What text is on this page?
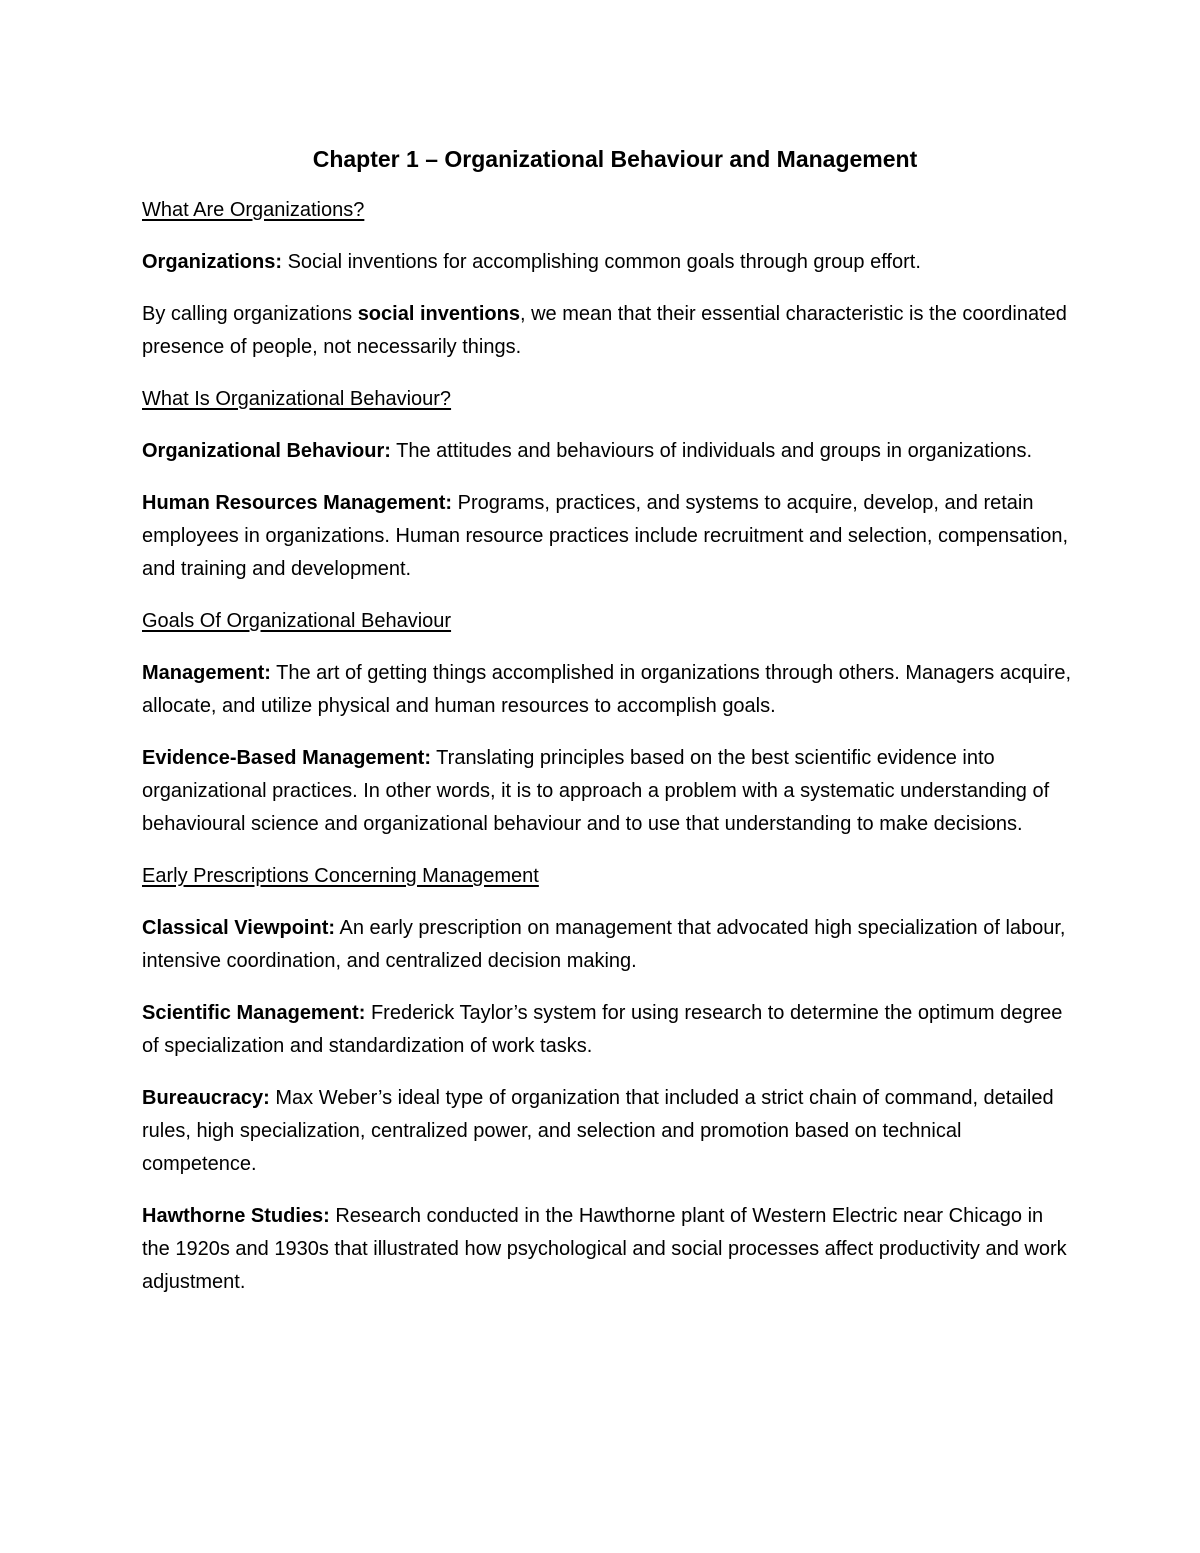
Chapter 1 – Organizational Behaviour and Management
What Are Organizations?

Organizations: Social inventions for accomplishing common goals through group effort.

By calling organizations social inventions, we mean that their essential characteristic is the coordinated presence of people, not necessarily things.

What Is Organizational Behaviour?

Organizational Behaviour: The attitudes and behaviours of individuals and groups in organizations.

Human Resources Management: Programs, practices, and systems to acquire, develop, and retain employees in organizations. Human resource practices include recruitment and selection, compensation, and training and development.

Goals Of Organizational Behaviour

Management: The art of getting things accomplished in organizations through others. Managers acquire, allocate, and utilize physical and human resources to accomplish goals.

Evidence-Based Management: Translating principles based on the best scientific evidence into organizational practices. In other words, it is to approach a problem with a systematic understanding of behavioural science and organizational behaviour and to use that understanding to make decisions.

Early Prescriptions Concerning Management

Classical Viewpoint: An early prescription on management that advocated high specialization of labour, intensive coordination, and centralized decision making.

Scientific Management: Frederick Taylor’s system for using research to determine the optimum degree of specialization and standardization of work tasks.

Bureaucracy: Max Weber’s ideal type of organization that included a strict chain of command, detailed rules, high specialization, centralized power, and selection and promotion based on technical competence.

Hawthorne Studies: Research conducted in the Hawthorne plant of Western Electric near Chicago in the 1920s and 1930s that illustrated how psychological and social processes affect productivity and work adjustment.
